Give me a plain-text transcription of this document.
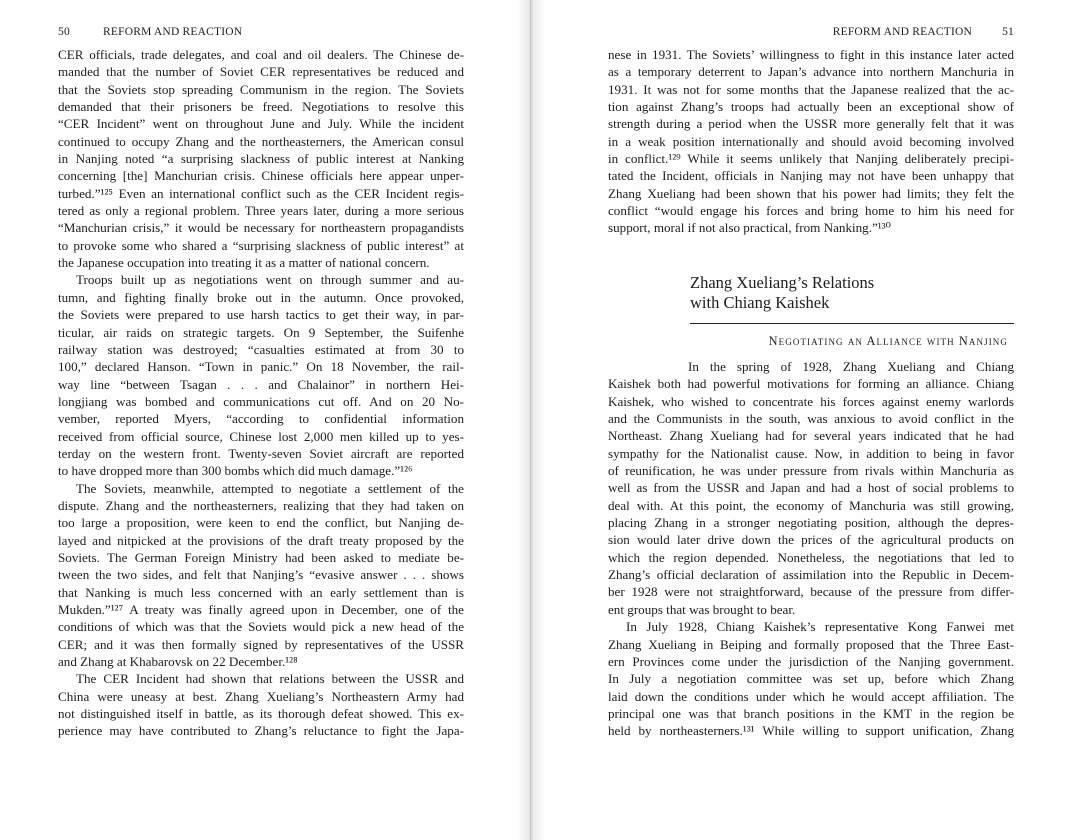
50	REFORM AND REACTION
CER officials, trade delegates, and coal and oil dealers. The Chinese de-
manded that the number of Soviet CER representatives be reduced and
that the Soviets stop spreading Communism in the region. The Soviets
demanded that their prisoners be freed. Negotiations to resolve this
“CER Incident” went on throughout June and July. While the incident
continued to occupy Zhang and the northeasterners, the American consul
in Nanjing noted “a surprising slackness of public interest at Nanking
concerning [the] Manchurian crisis. Chinese officials here appear unper-
turbed.”¹²⁵ Even an international conflict such as the CER Incident regis-
tered as only a regional problem. Three years later, during a more serious
“Manchurian crisis,” it would be necessary for northeastern propagandists
to provoke some who shared a “surprising slackness of public interest” at
the Japanese occupation into treating it as a matter of national concern.
Troops built up as negotiations went on through summer and au-
tumn, and fighting finally broke out in the autumn. Once provoked,
the Soviets were prepared to use harsh tactics to get their way, in par-
ticular, air raids on strategic targets. On 9 September, the Suifenhe
railway station was destroyed; “casualties estimated at from 30 to
100,” declared Hanson. “Town in panic.” On 18 November, the rail-
way line “between Tsagan . . . and Chalainor” in northern Hei-
longjiang was bombed and communications cut off. And on 20 No-
vember, reported Myers, “according to confidential information
received from official source, Chinese lost 2,000 men killed up to yes-
terday on the western front. Twenty-seven Soviet aircraft are reported
to have dropped more than 300 bombs which did much damage.”¹²⁶
The Soviets, meanwhile, attempted to negotiate a settlement of the
dispute. Zhang and the northeasterners, realizing that they had taken on
too large a proposition, were keen to end the conflict, but Nanjing de-
layed and nitpicked at the provisions of the draft treaty proposed by the
Soviets. The German Foreign Ministry had been asked to mediate be-
tween the two sides, and felt that Nanjing’s “evasive answer . . . shows
that Nanking is much less concerned with an early settlement than is
Mukden.”¹²⁷ A treaty was finally agreed upon in December, one of the
conditions of which was that the Soviets would pick a new head of the
CER; and it was then formally signed by representatives of the USSR
and Zhang at Khabarovsk on 22 December.¹²⁸
The CER Incident had shown that relations between the USSR and
China were uneasy at best. Zhang Xueliang’s Northeastern Army had
not distinguished itself in battle, as its thorough defeat showed. This ex-
perience may have contributed to Zhang’s reluctance to fight the Japa-
REFORM AND REACTION	51
nese in 1931. The Soviets’ willingness to fight in this instance later acted
as a temporary deterrent to Japan’s advance into northern Manchuria in
1931. It was not for some months that the Japanese realized that the ac-
tion against Zhang’s troops had actually been an exceptional show of
strength during a period when the USSR more generally felt that it was
in a weak position internationally and should avoid becoming involved
in conflict.¹²⁹ While it seems unlikely that Nanjing deliberately precipi-
tated the Incident, officials in Nanjing may not have been unhappy that
Zhang Xueliang had been shown that his power had limits; they felt the
conflict “would engage his forces and bring home to him his need for
support, moral if not also practical, from Nanking.”¹³⁰
Zhang Xueliang’s Relations
with Chiang Kaishek
Negotiating an Alliance with Nanjing
In the spring of 1928, Zhang Xueliang and Chiang
Kaishek both had powerful motivations for forming an alliance. Chiang
Kaishek, who wished to concentrate his forces against enemy warlords
and the Communists in the south, was anxious to avoid conflict in the
Northeast. Zhang Xueliang had for several years indicated that he had
sympathy for the Nationalist cause. Now, in addition to being in favor
of reunification, he was under pressure from rivals within Manchuria as
well as from the USSR and Japan and had a host of social problems to
deal with. At this point, the economy of Manchuria was still growing,
placing Zhang in a stronger negotiating position, although the depres-
sion would later drive down the prices of the agricultural products on
which the region depended. Nonetheless, the negotiations that led to
Zhang’s official declaration of assimilation into the Republic in Decem-
ber 1928 were not straightforward, because of the pressure from differ-
ent groups that was brought to bear.
In July 1928, Chiang Kaishek’s representative Kong Fanwei met
Zhang Xueliang in Beiping and formally proposed that the Three East-
ern Provinces come under the jurisdiction of the Nanjing government.
In July a negotiation committee was set up, before which Zhang
laid down the conditions under which he would accept affiliation. The
principal one was that branch positions in the KMT in the region be
held by northeasterners.¹³¹ While willing to support unification, Zhang
